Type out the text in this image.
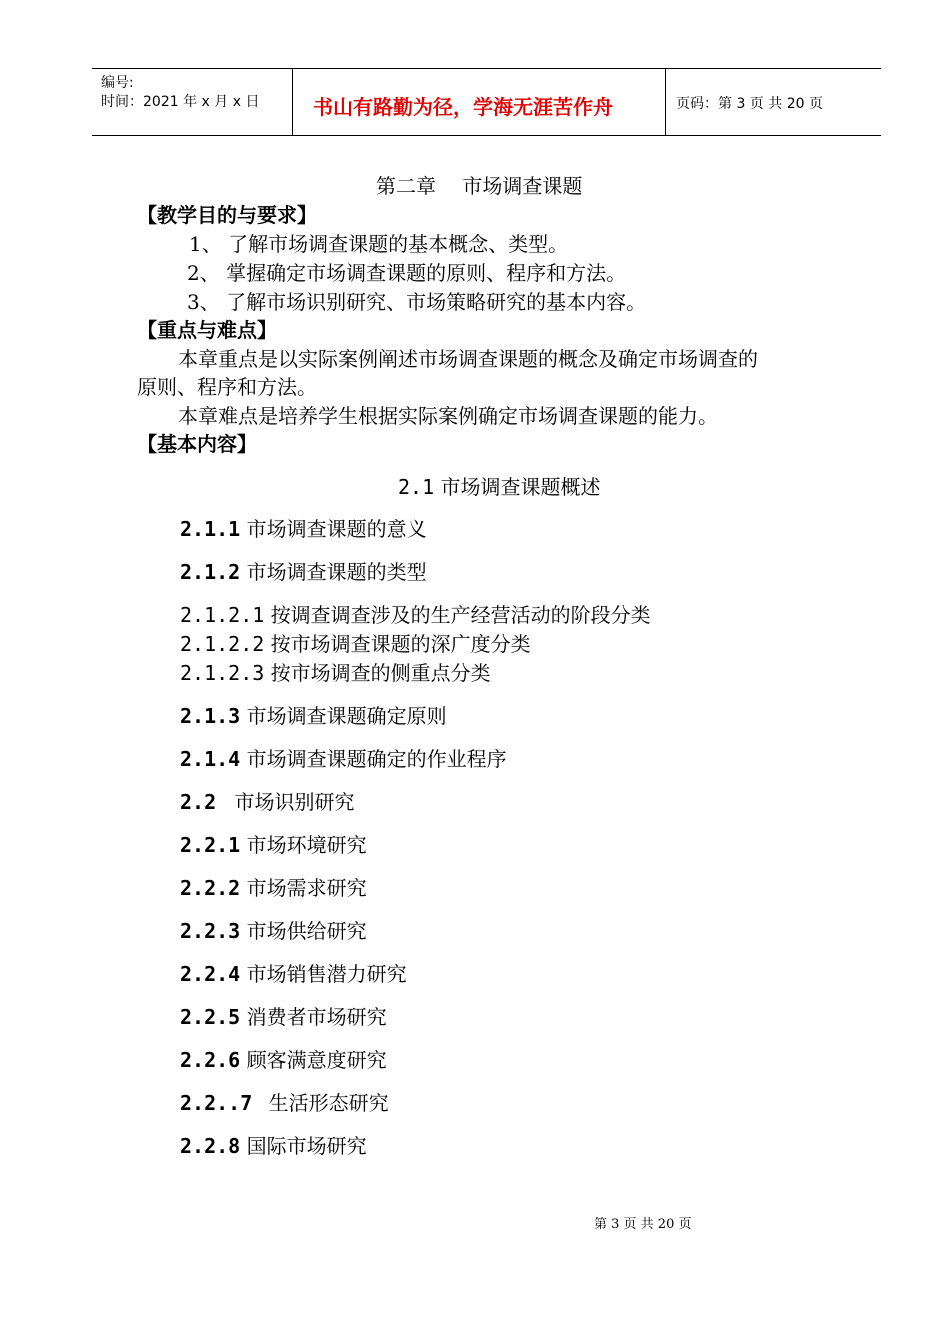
编号:
时间：2021 年 x 月 x 日	书山有路勤为径，学海无涯苦作舟	页码：第 3 页 共 20 页
第二章　 市场调查课题
【教学目的与要求】
1、 了解市场调查课题的基本概念、类型。
2、 掌握确定市场调查课题的原则、程序和方法。
3、 了解市场识别研究、市场策略研究的基本内容。
【重点与难点】
本章重点是以实际案例阐述市场调查课题的概念及确定市场调查的
原则、程序和方法。
本章难点是培养学生根据实际案例确定市场调查课题的能力。
【基本内容】
2.1 市场调查课题概述
2.1.1 市场调查课题的意义
2.1.2 市场调查课题的类型
2.1.2.1 按调查调查涉及的生产经营活动的阶段分类
2.1.2.2 按市场调查课题的深广度分类
2.1.2.3 按市场调查的侧重点分类
2.1.3 市场调查课题确定原则
2.1.4 市场调查课题确定的作业程序
2.2 市场识别研究
2.2.1 市场环境研究
2.2.2 市场需求研究
2.2.3 市场供给研究
2.2.4 市场销售潜力研究
2.2.5 消费者市场研究
2.2.6 顾客满意度研究
2.2..7 生活形态研究
2.2.8 国际市场研究
第 3 页 共 20 页
